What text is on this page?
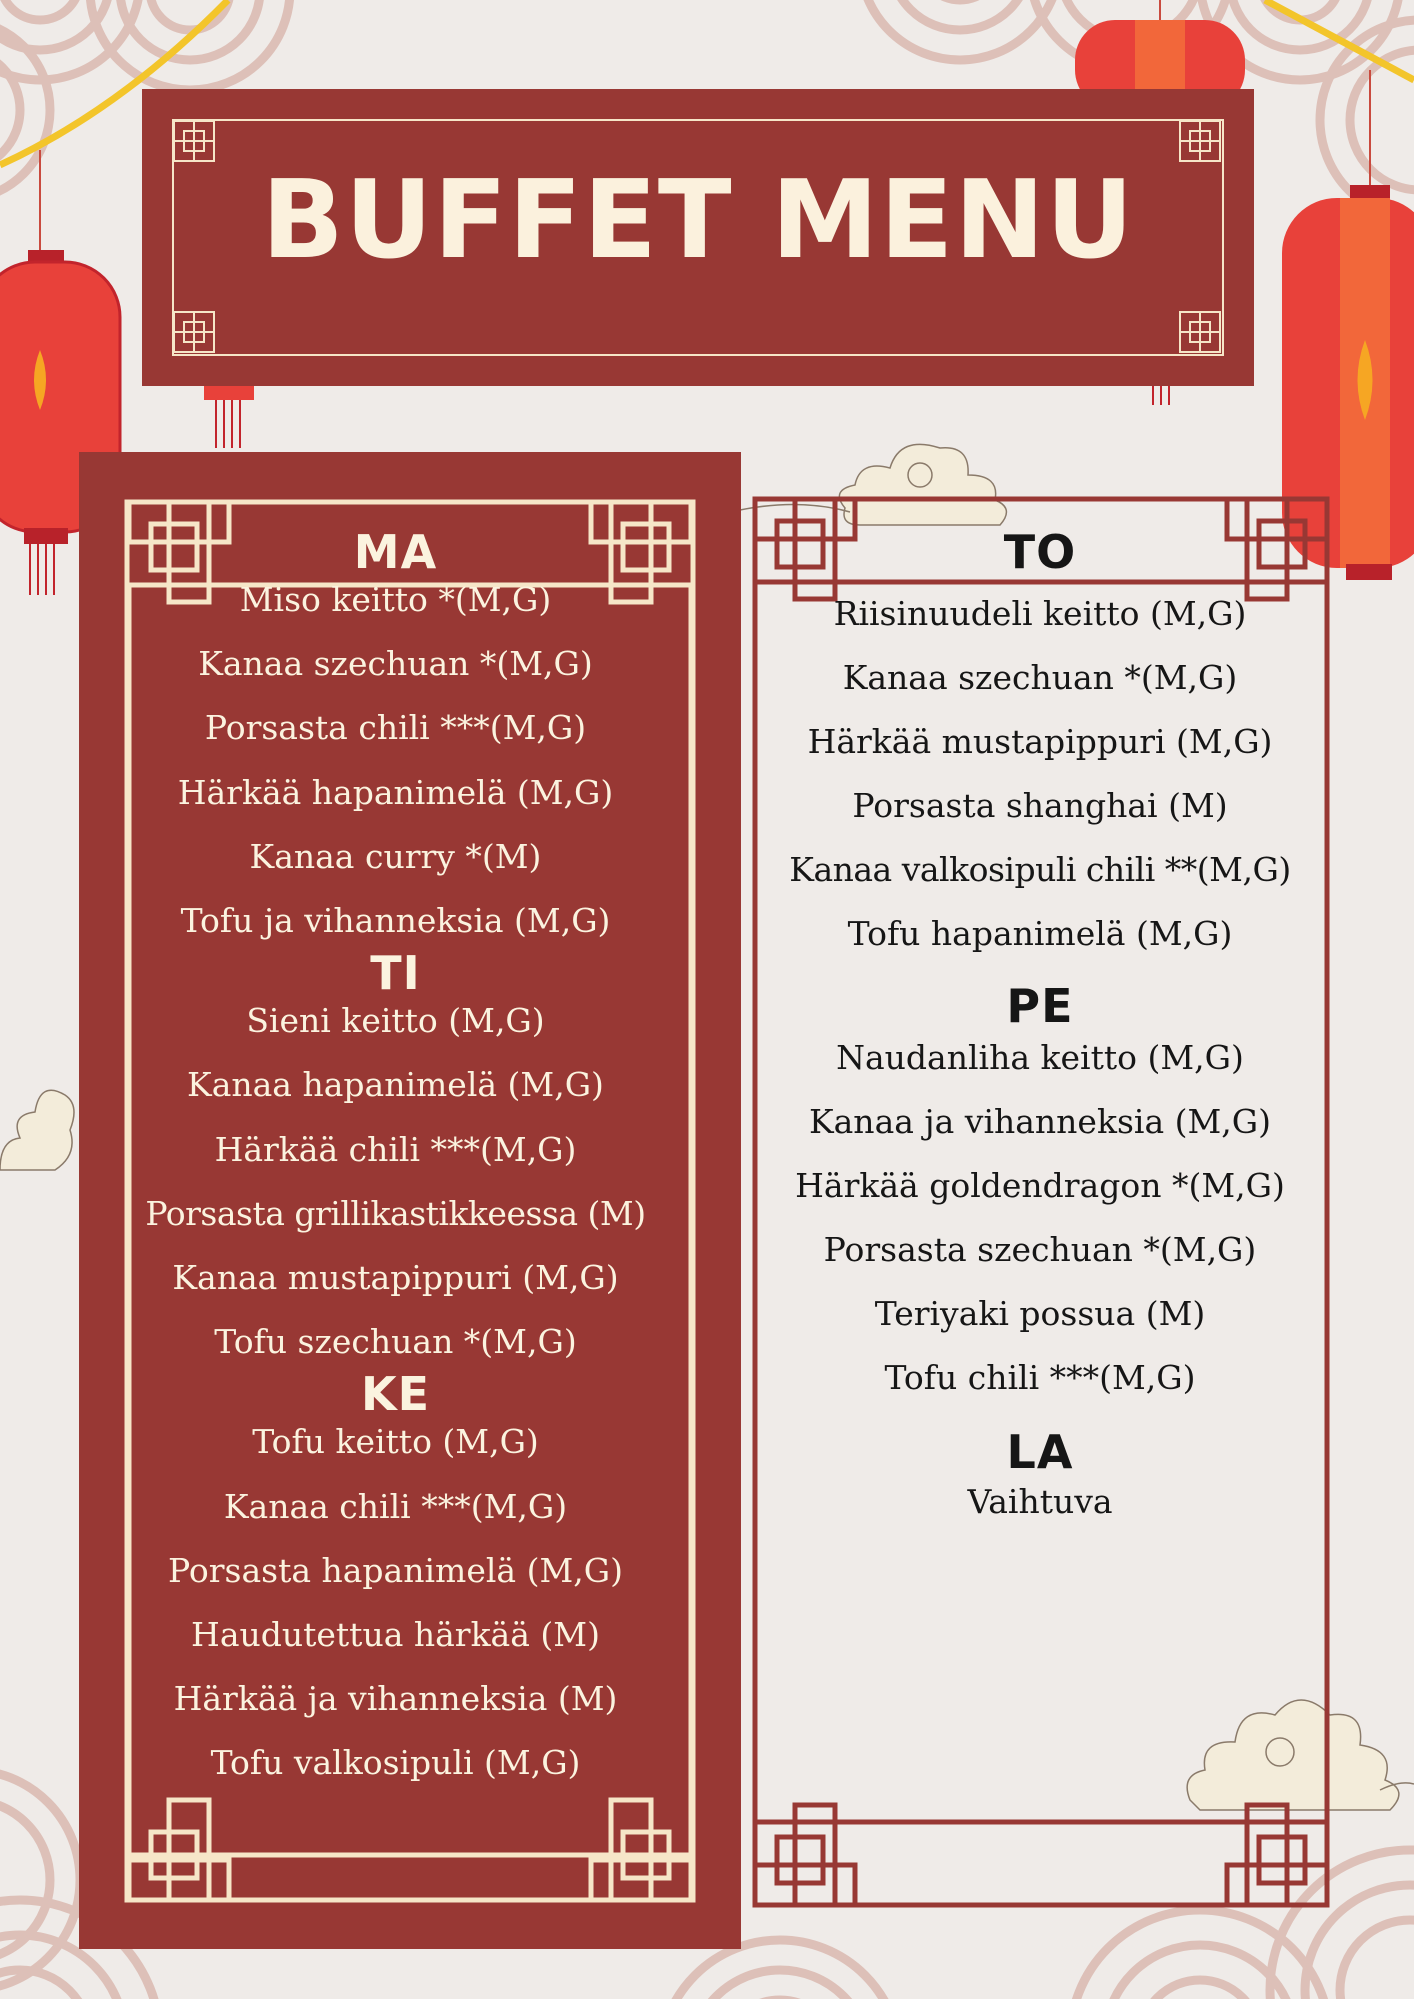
BUFFET MENU
MA
Miso keitto *(M,G)
Kanaa szechuan *(M,G)
Porsasta chili ***(M,G)
Härkää hapanimelä (M,G)
Kanaa curry *(M)
Tofu ja vihanneksia (M,G)
TI
Sieni keitto (M,G)
Kanaa hapanimelä (M,G)
Härkää chili ***(M,G)
Porsasta grillikastikkeessa (M)
Kanaa mustapippuri (M,G)
Tofu szechuan *(M,G)
KE
Tofu keitto (M,G)
Kanaa chili ***(M,G)
Porsasta hapanimelä (M,G)
Haudutettua härkää (M)
Härkää ja vihanneksia (M)
Tofu valkosipuli (M,G)
TO
Riisinuudeli keitto (M,G)
Kanaa szechuan *(M,G)
Härkää mustapippuri (M,G)
Porsasta shanghai (M)
Kanaa valkosipuli chili **(M,G)
Tofu hapanimelä (M,G)
PE
Naudanliha keitto (M,G)
Kanaa ja vihanneksia (M,G)
Härkää goldendragon *(M,G)
Porsasta szechuan *(M,G)
Teriyaki possua (M)
Tofu chili ***(M,G)
LA
Vaihtuva
